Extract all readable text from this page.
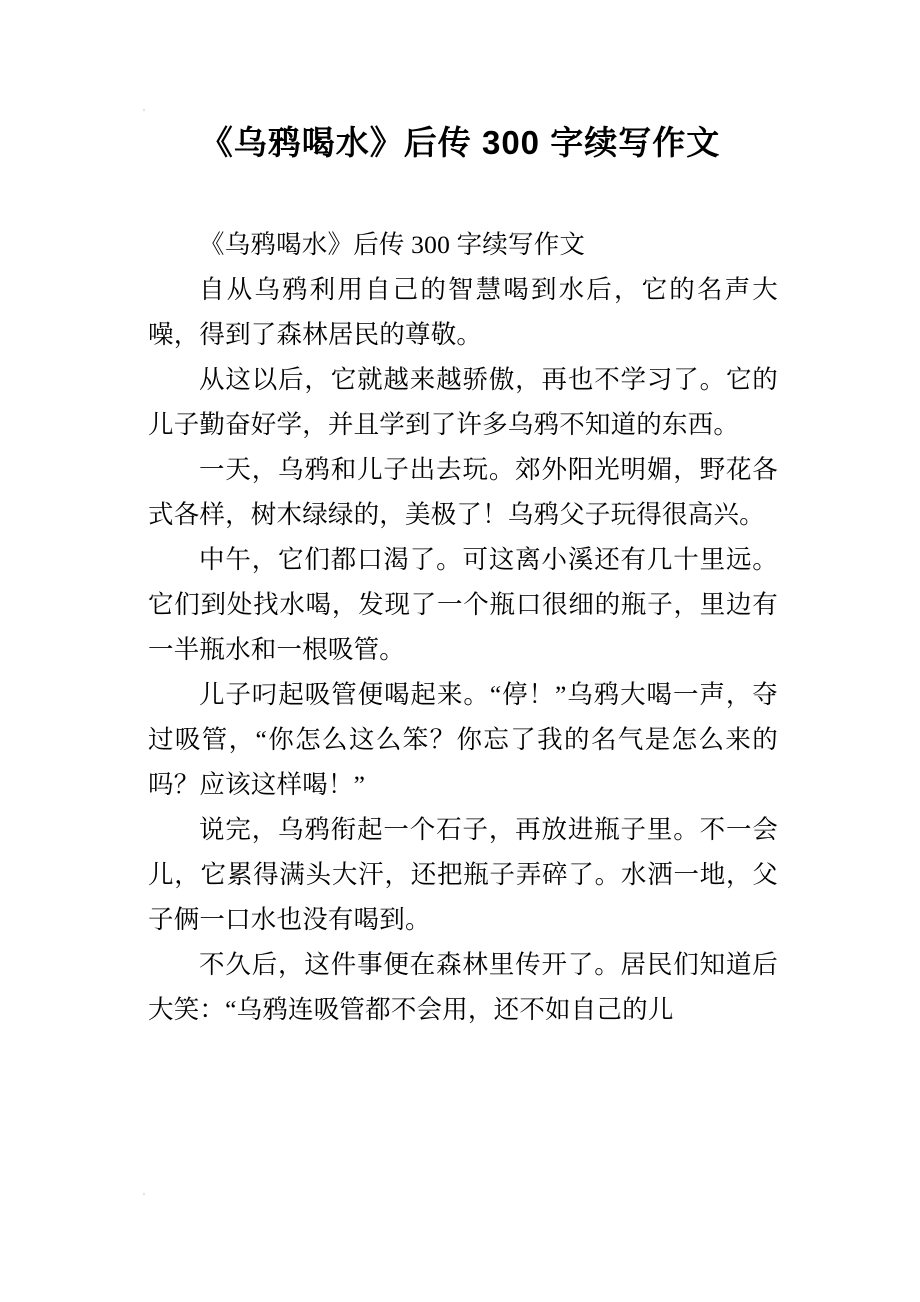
'
《乌鸦喝水》后传 300 字续写作文

《乌鸦喝水》后传 300 字续写作文

自从乌鸦利用自己的智慧喝到水后，它的名声大噪，得到了森林居民的尊敬。

从这以后，它就越来越骄傲，再也不学习了。它的儿子勤奋好学，并且学到了许多乌鸦不知道的东西。

一天，乌鸦和儿子出去玩。郊外阳光明媚，野花各式各样，树木绿绿的，美极了！乌鸦父子玩得很高兴。

中午，它们都口渴了。可这离小溪还有几十里远。它们到处找水喝，发现了一个瓶口很细的瓶子，里边有一半瓶水和一根吸管。

儿子叼起吸管便喝起来。“停！”乌鸦大喝一声，夺过吸管，“你怎么这么笨？你忘了我的名气是怎么来的吗？应该这样喝！”

说完，乌鸦衔起一个石子，再放进瓶子里。不一会儿，它累得满头大汗，还把瓶子弄碎了。水洒一地，父子俩一口水也没有喝到。

不久后，这件事便在森林里传开了。居民们知道后大笑：“乌鸦连吸管都不会用，还不如自己的儿

'
